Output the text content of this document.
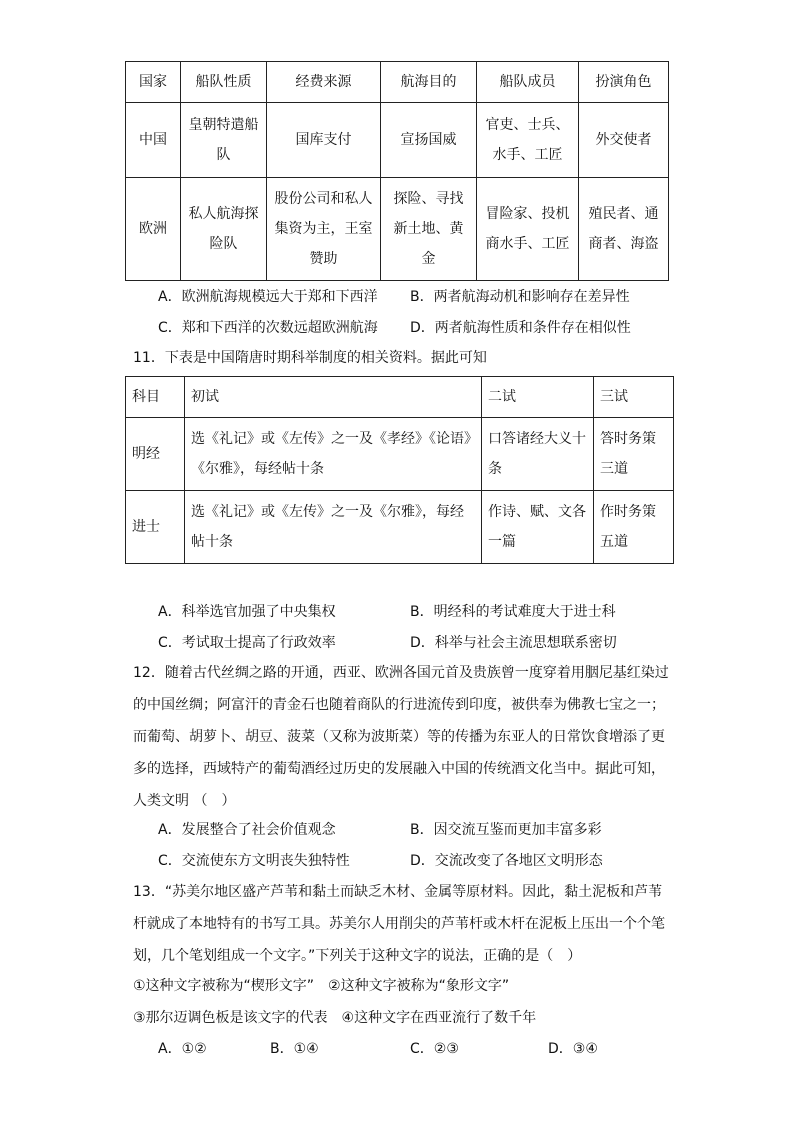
国家	船队性质	经费来源	航海目的	船队成员	扮演角色
中国	皇朝特遣船队	国库支付	宣扬国威	官吏、士兵、水手、工匠	外交使者
欧洲	私人航海探险队	股份公司和私人集资为主，王室赞助	探险、寻找新土地、黄金	冒险家、投机商水手、工匠	殖民者、通商者、海盗
A．欧洲航海规模远大于郑和下西洋 B．两者航海动机和影响存在差异性
C．郑和下西洋的次数远超欧洲航海 D．两者航海性质和条件存在相似性
11．下表是中国隋唐时期科举制度的相关资料。据此可知
科目	初试	二试	三试
明经	选《礼记》或《左传》之一及《孝经》《论语》《尔雅》，每经帖十条	口答诸经大义十条	答时务策三道
进士	选《礼记》或《左传》之一及《尔雅》，每经帖十条	作诗、赋、文各一篇	作时务策五道
A．科举选官加强了中央集权	B．明经科的考试难度大于进士科
C．考试取士提高了行政效率	D．科举与社会主流思想联系密切
12．随着古代丝绸之路的开通，西亚、欧洲各国元首及贵族曾一度穿着用胭尼基红染过
的中国丝绸；阿富汗的青金石也随着商队的行进流传到印度，被供奉为佛教七宝之一；
而葡萄、胡萝卜、胡豆、菠菜（又称为波斯菜）等的传播为东亚人的日常饮食增添了更
多的选择，西域特产的葡萄酒经过历史的发展融入中国的传统酒文化当中。据此可知，
人类文明 （　）
A．发展整合了社会价值观念	B．因交流互鉴而更加丰富多彩
C．交流使东方文明丧失独特性	D．交流改变了各地区文明形态
13．“苏美尔地区盛产芦苇和黏土而缺乏木材、金属等原材料。因此，黏土泥板和芦苇
杆就成了本地特有的书写工具。苏美尔人用削尖的芦苇杆或木杆在泥板上压出一个个笔
划，几个笔划组成一个文字。”下列关于这种文字的说法，正确的是（　）
①这种文字被称为“楔形文字”　②这种文字被称为“象形文字”
③那尔迈调色板是该文字的代表　④这种文字在西亚流行了数千年
A．①②	B．①④	C．②③	D．③④
